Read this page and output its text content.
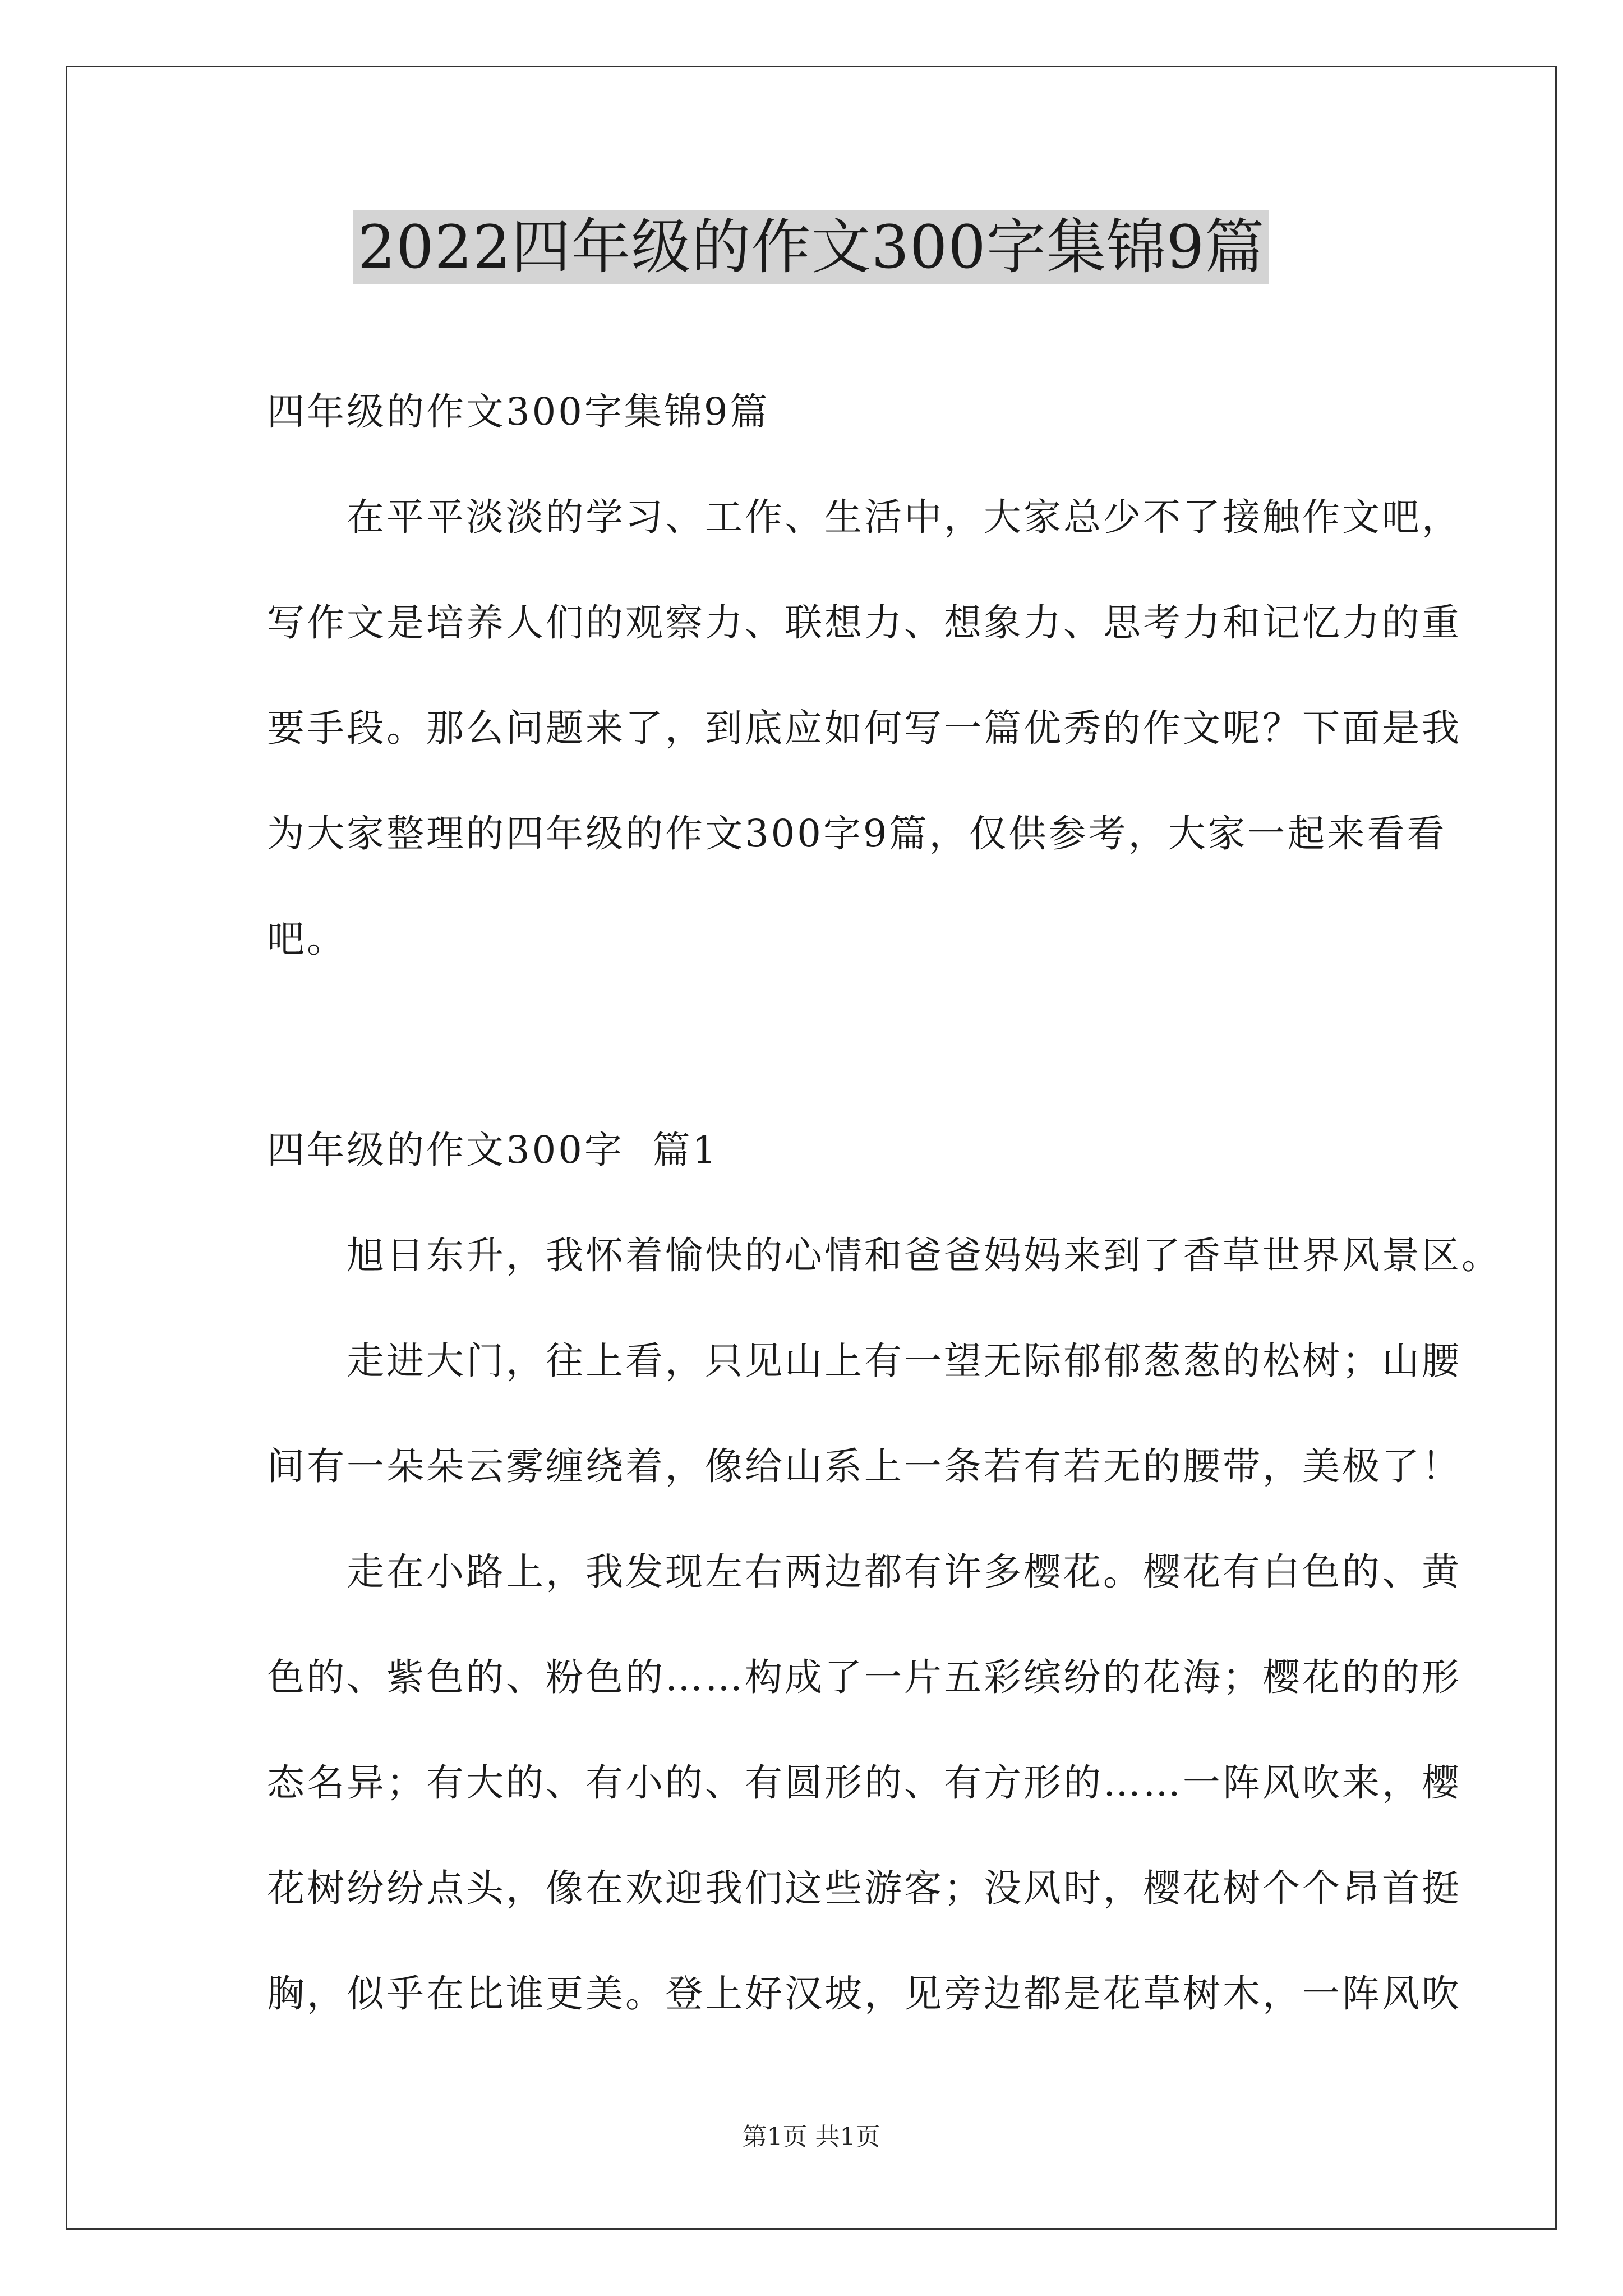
2022四年级的作文300字集锦9篇

四年级的作文300字集锦9篇

在平平淡淡的学习、工作、生活中，大家总少不了接触作文吧，

写作文是培养人们的观察力、联想力、想象力、思考力和记忆力的重

要手段。那么问题来了，到底应如何写一篇优秀的作文呢？下面是我

为大家整理的四年级的作文300字9篇，仅供参考，大家一起来看看

吧。

四年级的作文300字  篇1

旭日东升，我怀着愉快的心情和爸爸妈妈来到了香草世界风景区。

走进大门，往上看，只见山上有一望无际郁郁葱葱的松树；山腰

间有一朵朵云雾缠绕着，像给山系上一条若有若无的腰带，美极了！

走在小路上，我发现左右两边都有许多樱花。樱花有白色的、黄

色的、紫色的、粉色的……构成了一片五彩缤纷的花海；樱花的的形

态名异；有大的、有小的、有圆形的、有方形的……一阵风吹来，樱

花树纷纷点头，像在欢迎我们这些游客；没风时，樱花树个个昂首挺

胸，似乎在比谁更美。登上好汉坡，见旁边都是花草树木，一阵风吹

第1页 共1页
